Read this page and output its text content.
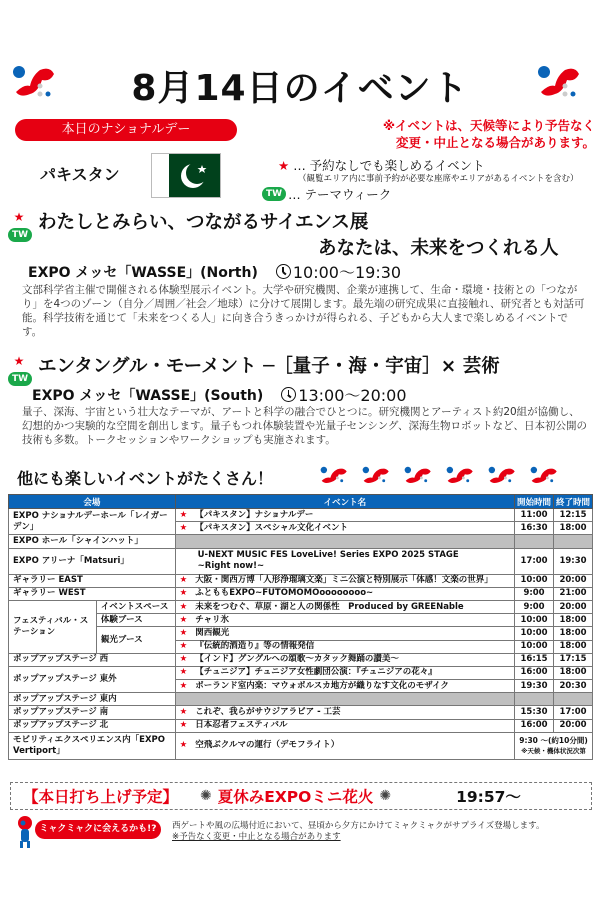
8月14日のイベント
本日のナショナルデー	※イベントは、天候等により予告なく
変更・中止となる場合があります。
パキスタン	★ … 予約なしでも楽しめるイベント
（観覧エリア内に事前予約が必要な座席やエリアがあるイベントを含む）
TW … テーマウィーク
★
TW
わたしとみらい、つながるサイエンス展
あなたは、未来をつくれる人
EXPO メッセ「WASSE」(North) 10:00～19:30
文部科学省主催で開催される体験型展示イベント。大学や研究機関、企業が連携して、生命・環境・技術との「つながり」を4つのゾーン（自分／周囲／社会／地球）に分けて展開します。最先端の研究成果に直接触れ、研究者とも対話可能。科学技術を通じて「未来をつくる人」に向き合うきっかけが得られる、子どもから大人まで楽しめるイベントです。
★
TW
エンタングル・モーメント ─［量子・海・宇宙］× 芸術
EXPO メッセ「WASSE」(South) 13:00～20:00
量子、深海、宇宙という壮大なテーマが、アートと科学の融合でひとつに。研究機関とアーティスト約20組が協働し、幻想的かつ実験的な空間を創出します。量子もつれ体験装置や光量子センシング、深海生物ロボットなど、日本初公開の技術も多数。トークセッションやワークショップも実施されます。
他にも楽しいイベントがたくさん！
会場		イベント名	開始時間	終了時間
EXPO ナショナルデーホール「レイガーデン」		★ 【パキスタン】ナショナルデー	11:00	12:15
		★ 【パキスタン】スペシャル文化イベント	16:30	18:00
EXPO ホール「シャインハット」				
EXPO アリーナ「Matsuri」		U-NEXT MUSIC FES LoveLive! Series EXPO 2025 STAGE
~Right now!~	17:00	19:30
ギャラリー EAST		★ 大阪・関西万博「人形浄瑠璃文楽」ミニ公演と特別展示「体感！文楽の世界」	10:00	20:00
ギャラリー WEST		★ ふとももEXPO~FUTOMOMOoooooooo~	9:00	21:00
フェスティバル・ステーション	イベントスペース	★ 未来をつむぐ、草原・湖と人の関係性　Produced by GREENable	9:00	20:00
	体験ブース	★ チャリ氷	10:00	18:00
	観光ブース	★ 関西観光	10:00	18:00
		★ 『伝統的酒造り』等の情報発信	10:00	18:00
ポップアップステージ 西		★ 【インド】グングルへの頌歌～カタック舞踊の讃美～	16:15	17:15
ポップアップステージ 東外		★ 【チュニジア】チュニジア女性劇団公演：『チュニジアの花々』	16:00	18:00
		★ ポーランド室内楽：マウォポルスカ地方が織りなす文化のモザイク	19:30	20:30
ポップアップステージ 東内				
ポップアップステージ 南		★ これぞ、我らがサウジアラビア - 工芸	15:30	17:00
ポップアップステージ 北		★ 日本忍者フェスティバル	16:00	20:00
モビリティエクスペリエンス内「EXPO Vertiport」		★ 空飛ぶクルマの運行（デモフライト）	9:30 ～(約10分間)
※天候・機体状況次第	
【本日打ち上げ予定】 ✺ 夏休みEXPOミニ花火 ✺	19:57～
ミャクミャクに会えるかも!?	西ゲートや風の広場付近において、昼頃から夕方にかけてミャクミャクがサプライズ登場します。
※予告なく変更・中止となる場合があります
